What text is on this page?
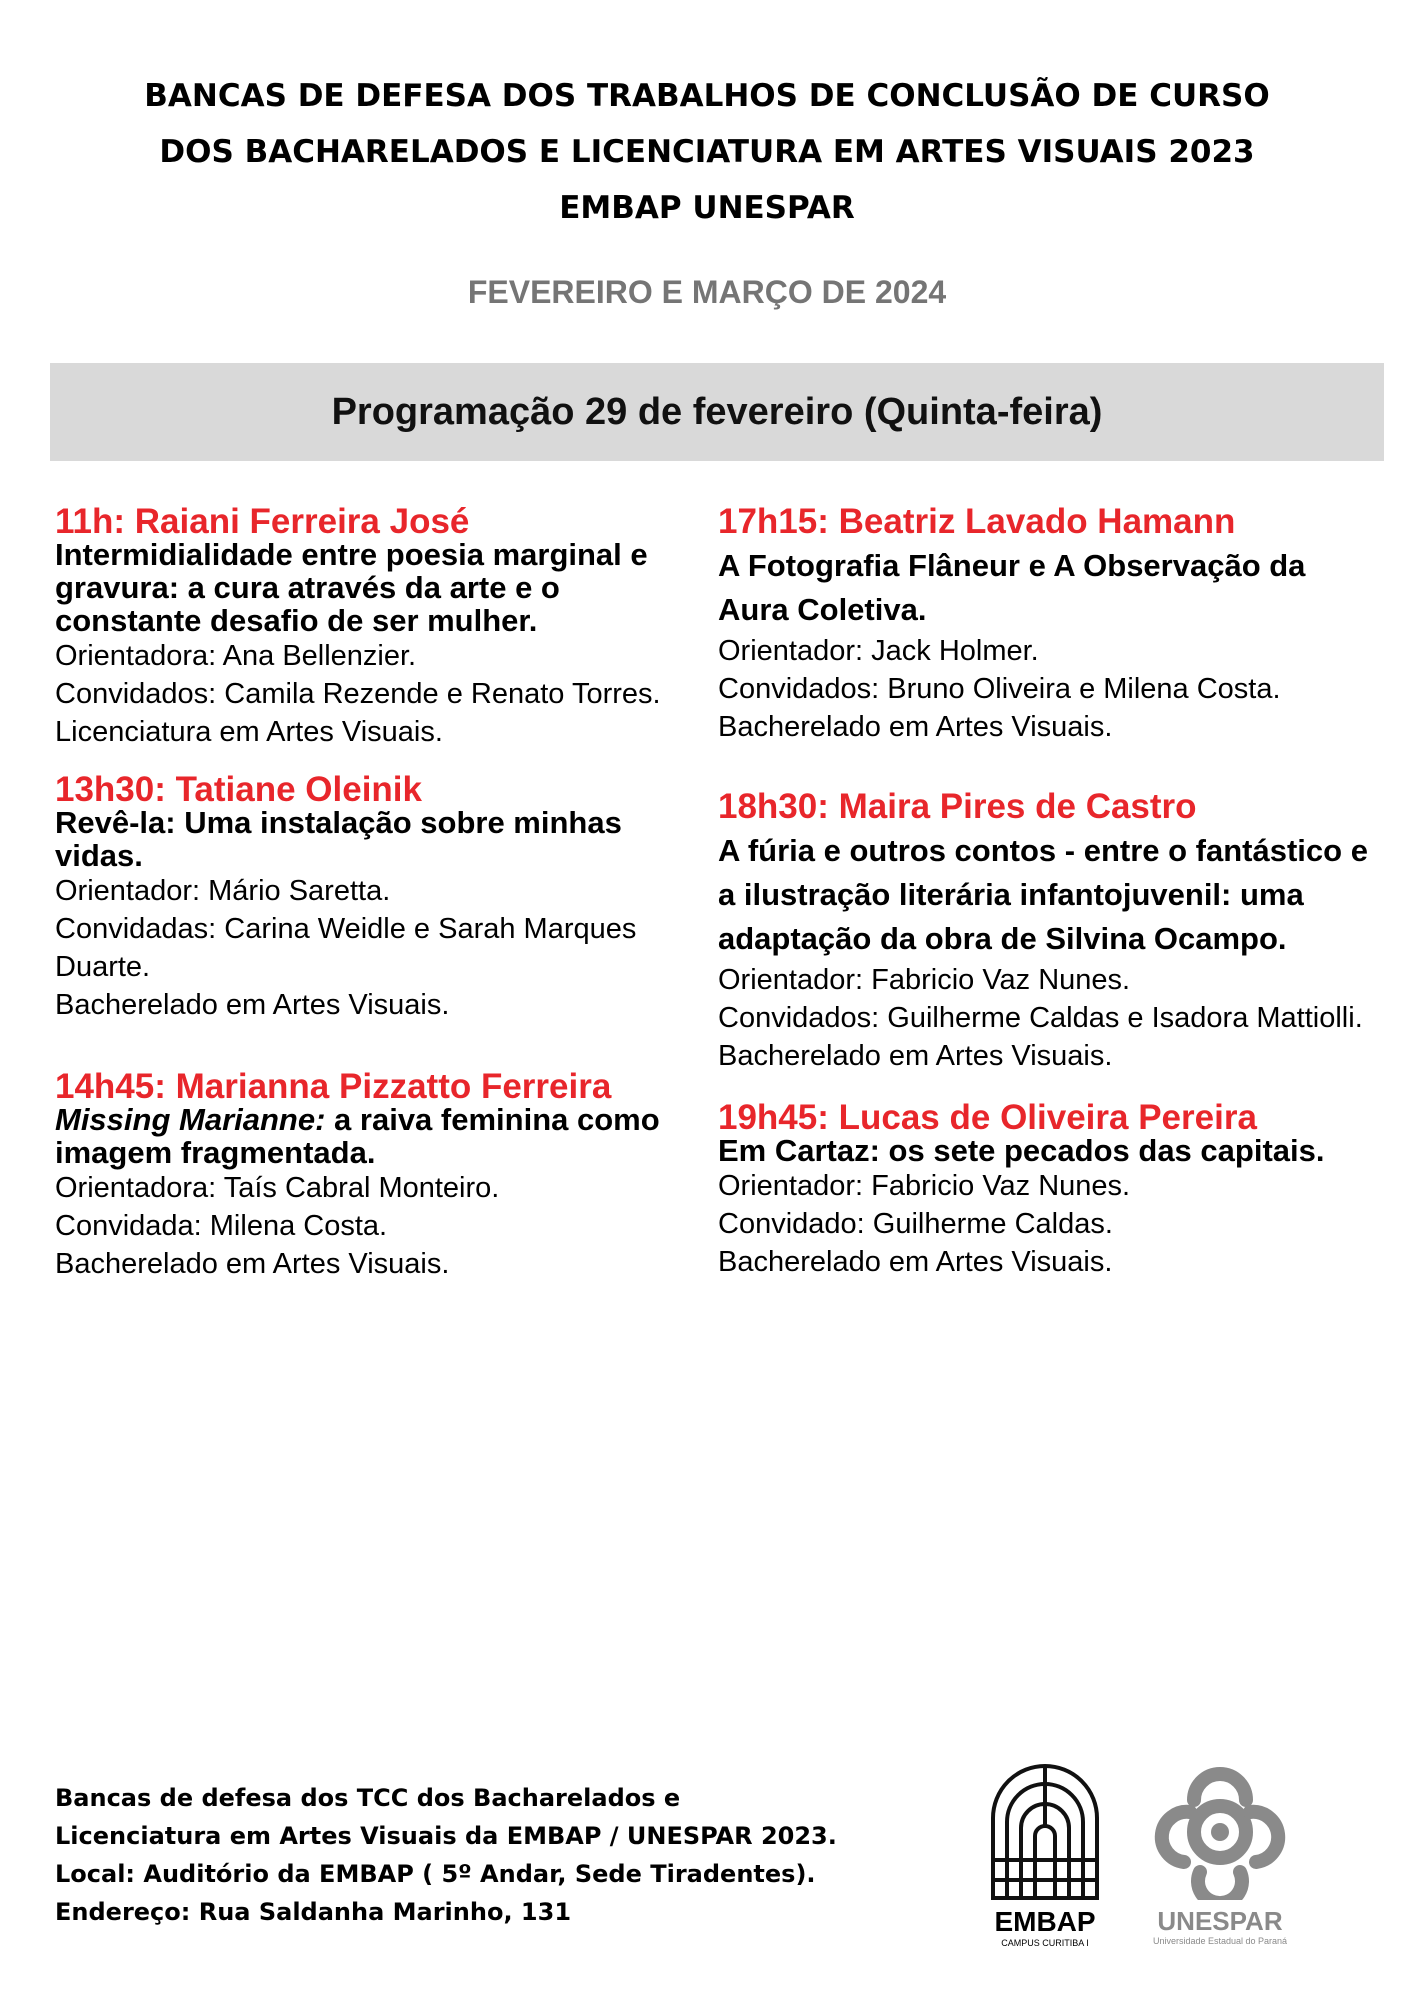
BANCAS DE DEFESA DOS TRABALHOS DE CONCLUSÃO DE CURSO
DOS BACHARELADOS E LICENCIATURA EM ARTES VISUAIS 2023
EMBAP UNESPAR
FEVEREIRO E MARÇO DE 2024
Programação 29 de fevereiro (Quinta-feira)
11h: Raiani Ferreira José
Intermidialidade entre poesia marginal e gravura: a cura através da arte e o constante desafio de ser mulher.
Orientadora: Ana Bellenzier.
Convidados: Camila Rezende e Renato Torres.
Licenciatura em Artes Visuais.
13h30: Tatiane Oleinik
Revê-la: Uma instalação sobre minhas vidas.
Orientador: Mário Saretta.
Convidadas: Carina Weidle e Sarah Marques Duarte.
Bacherelado em Artes Visuais.
14h45: Marianna Pizzatto Ferreira
Missing Marianne: a raiva feminina como imagem fragmentada.
Orientadora: Taís Cabral Monteiro.
Convidada: Milena Costa.
Bacherelado em Artes Visuais.
17h15: Beatriz Lavado Hamann
A Fotografia Flâneur e A Observação da Aura Coletiva.
Orientador: Jack Holmer.
Convidados: Bruno Oliveira e Milena Costa.
Bacherelado em Artes Visuais.
18h30: Maira Pires de Castro
A fúria e outros contos - entre o fantástico e a ilustração literária infantojuvenil: uma adaptação da obra de Silvina Ocampo.
Orientador: Fabricio Vaz Nunes.
Convidados: Guilherme Caldas e Isadora Mattiolli.
Bacherelado em Artes Visuais.
19h45: Lucas de Oliveira Pereira
Em Cartaz: os sete pecados das capitais.
Orientador: Fabricio Vaz Nunes.
Convidado: Guilherme Caldas.
Bacherelado em Artes Visuais.
Bancas de defesa dos TCC dos Bacharelados e
Licenciatura em Artes Visuais da EMBAP / UNESPAR 2023.
Local: Auditório da EMBAP ( 5º Andar, Sede Tiradentes).
Endereço: Rua Saldanha Marinho, 131	EMBAP
CAMPUS CURITIBA I
UNESPAR
Universidade Estadual do Paraná
